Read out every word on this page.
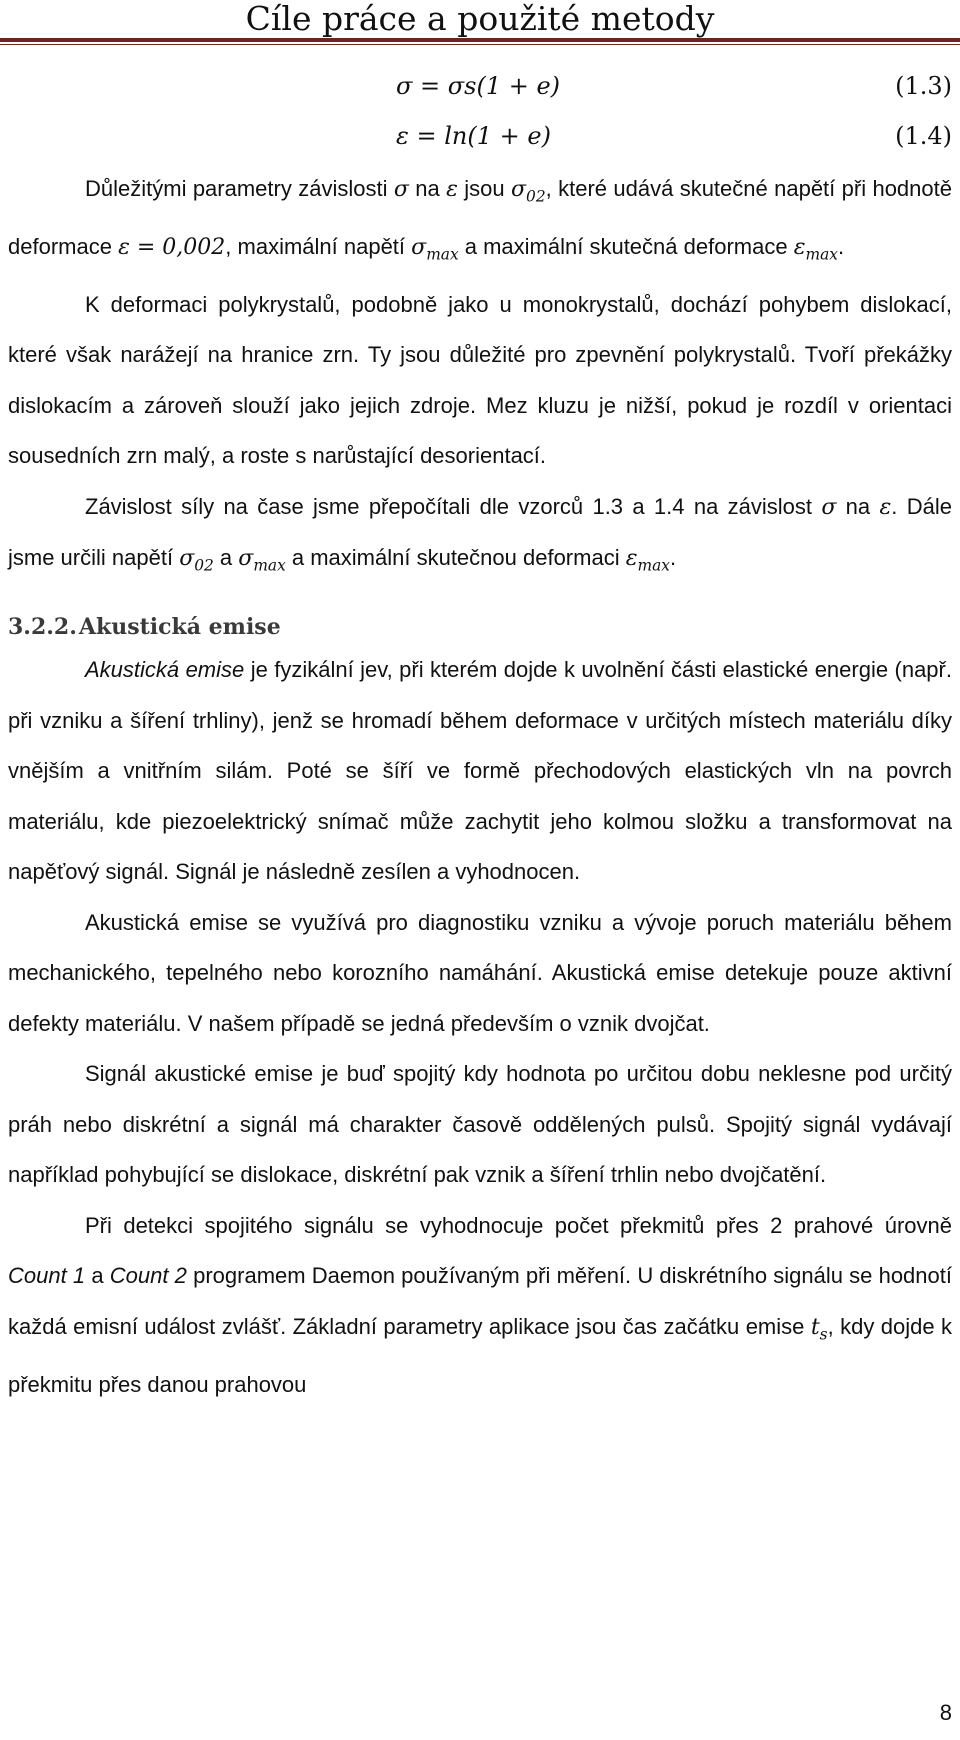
Cíle práce a použité metody
σ = σs(1 + e)	(1.3)
ε = ln(1 + e)	(1.4)

Důležitými parametry závislosti σ na ε jsou $\sigma_{02}$, které udává skutečné napětí při hodnotě deformace ε = 0,002, maximální napětí $\sigma_{max}$ a maximální skutečná deformace $\varepsilon_{max}$.

K deformaci polykrystalů, podobně jako u monokrystalů, dochází pohybem dislokací, které však narážejí na hranice zrn. Ty jsou důležité pro zpevnění polykrystalů. Tvoří překážky dislokacím a zároveň slouží jako jejich zdroje. Mez kluzu je nižší, pokud je rozdíl v orientaci sousedních zrn malý, a roste s narůstající desorientací.

Závislost síly na čase jsme přepočítali dle vzorců 1.3 a 1.4 na závislost σ na ε. Dále jsme určili napětí $\sigma_{02}$ a $\sigma_{max}$ a maximální skutečnou deformaci $\varepsilon_{max}$.

3.2.2.Akustická emise

Akustická emise je fyzikální jev, při kterém dojde k uvolnění části elastické energie (např. při vzniku a šíření trhliny), jenž se hromadí během deformace v určitých místech materiálu díky vnějším a vnitřním silám. Poté se šíří ve formě přechodových elastických vln na povrch materiálu, kde piezoelektrický snímač může zachytit jeho kolmou složku a transformovat na napěťový signál. Signál je následně zesílen a vyhodnocen.

Akustická emise se využívá pro diagnostiku vzniku a vývoje poruch materiálu během mechanického, tepelného nebo korozního namáhání. Akustická emise detekuje pouze aktivní defekty materiálu. V našem případě se jedná především o vznik dvojčat.

Signál akustické emise je buď spojitý kdy hodnota po určitou dobu neklesne pod určitý práh nebo diskrétní a signál má charakter časově oddělených pulsů. Spojitý signál vydávají například pohybující se dislokace, diskrétní pak vznik a šíření trhlin nebo dvojčatění.

Při detekci spojitého signálu se vyhodnocuje počet překmitů přes 2 prahové úrovně Count 1 a Count 2 programem Daemon používaným při měření. U diskrétního signálu se hodnotí každá emisní událost zvlášť. Základní parametry aplikace jsou čas začátku emise $t_s$, kdy dojde k překmitu přes danou prahovou

8
